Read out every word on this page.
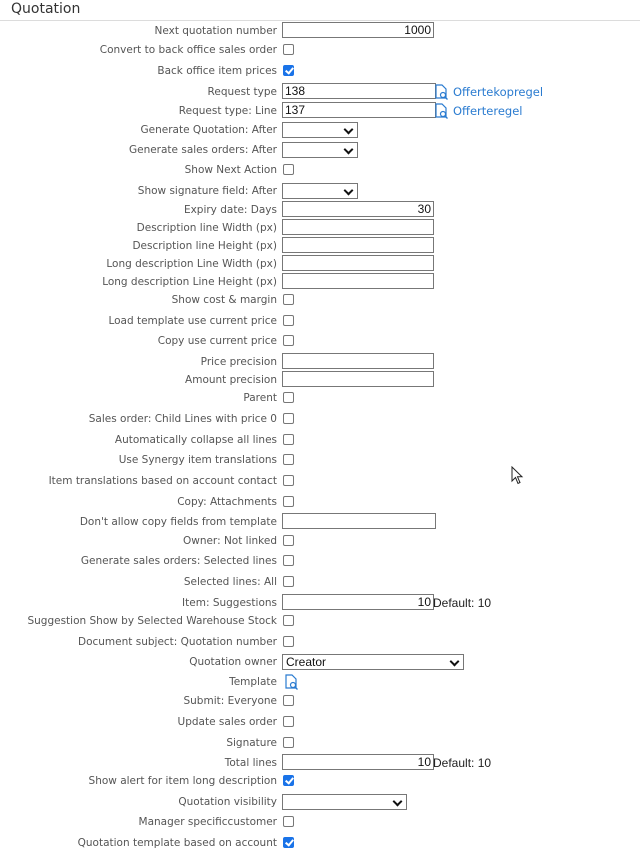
Quotation
Next quotation number	1000
Convert to back office sales order
Back office item prices
Request type 138	Offertekopregel
Request type: Line 137	Offerteregel
Generate Quotation: After
Generate sales orders: After
Show Next Action
Show signature field: After
Expiry date: Days	30
Description line Width (px)
Description line Height (px)
Long description Line Width (px)
Long description Line Height (px)
Show cost & margin
Load template use current price
Copy use current price
Price precision
Amount precision
Parent
Sales order: Child Lines with price 0
Automatically collapse all lines
Use Synergy item translations
Item translations based on account contact
Copy: Attachments
Don't allow copy fields from template
Owner: Not linked
Generate sales orders: Selected lines
Selected lines: All
Item: Suggestions	10 Default: 10
Suggestion Show by Selected Warehouse Stock
Document subject: Quotation number
Quotation owner Creator
Template
Submit: Everyone
Update sales order
Signature
Total lines	10 Default: 10
Show alert for item long description
Quotation visibility
Manager specificcustomer
Quotation template based on account
